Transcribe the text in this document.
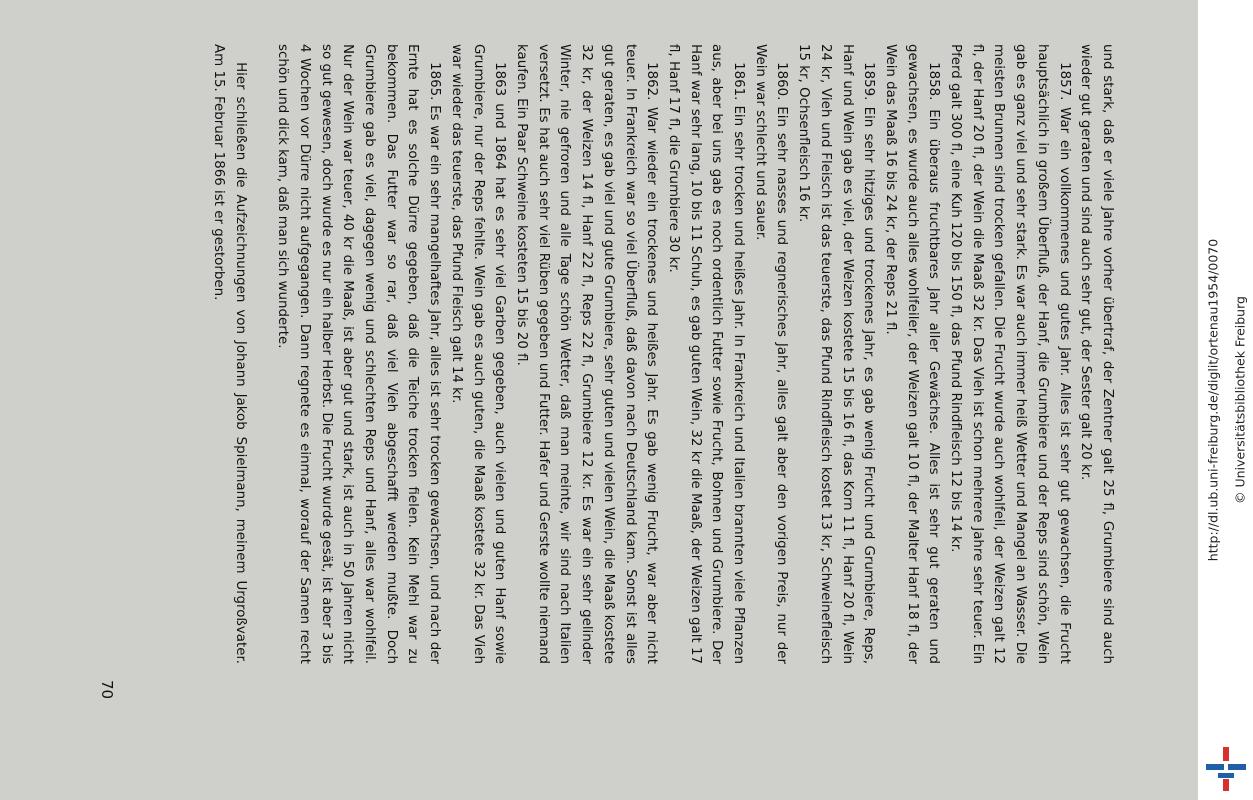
und stark, daß er viele Jahre vorher übertraf, der Zentner galt 25 fl, Grumbiere sind auch wieder gut geraten und sind auch sehr gut, der Sester galt 20 kr.

1857. War ein vollkommenes und gutes Jahr. Alles ist sehr gut gewachsen, die Frucht hauptsächlich in großem Überfluß, der Hanf, die Grumbiere und der Reps sind schön, Wein gab es ganz viel und sehr stark. Es war auch immer heiß Wetter und Mangel an Wasser. Die meisten Brunnen sind trocken gefallen. Die Frucht wurde auch wohlfeil, der Weizen galt 12 fl, der Hanf 20 fl, der Wein die Maaß 32 kr. Das Vieh ist schon mehrere Jahre sehr teuer. Ein Pferd galt 300 fl, eine Kuh 120 bis 150 fl, das Pfund Rindfleisch 12 bis 14 kr.

1858. Ein überaus fruchtbares Jahr aller Gewächse. Alles ist sehr gut geraten und gewachsen, es wurde auch alles wohlfeiler, der Weizen galt 10 fl, der Malter Hanf 18 fl, der Wein das Maaß 16 bis 24 kr, der Reps 21 fl.

1859. Ein sehr hitziges und trockenes Jahr, es gab wenig Frucht und Grumbiere, Reps, Hanf und Wein gab es viel, der Weizen kostete 15 bis 16 fl, das Korn 11 fl, Hanf 20 fl, Wein 24 kr, Vieh und Fleisch ist das teuerste, das Pfund Rindfleisch kostet 13 kr, Schweinefleisch 15 kr, Ochsenfleisch 16 kr.

1860. Ein sehr nasses und regnerisches Jahr, alles galt aber den vorigen Preis, nur der Wein war schlecht und sauer.

1861. Ein sehr trocken und heißes Jahr. In Frankreich und Italien brannten viele Pflanzen aus, aber bei uns gab es noch ordentlich Futter sowie Frucht, Bohnen und Grumbiere. Der Hanf war sehr lang, 10 bis 11 Schuh, es gab guten Wein, 32 kr die Maaß, der Weizen galt 17 fl, Hanf 17 fl, die Grumbiere 30 kr.

1862. War wieder ein trockenes und heißes Jahr. Es gab wenig Frucht, war aber nicht teuer. In Frankreich war so viel Überfluß, daß davon nach Deutschland kam. Sonst ist alles gut geraten, es gab viel und gute Grumbiere, sehr guten und vielen Wein, die Maaß kostete 32 kr, der Weizen 14 fl, Hanf 22 fl, Reps 22 fl, Grumbiere 12 kr. Es war ein sehr gelinder Winter, nie gefroren und alle Tage schön Wetter, daß man meinte, wir sind nach Italien versetzt. Es hat auch sehr viel Rüben gegeben und Futter. Hafer und Gerste wollte niemand kaufen. Ein Paar Schweine kosteten 15 bis 20 fl.

1863 und 1864 hat es sehr viel Garben gegeben, auch vielen und guten Hanf sowie Grumbiere, nur der Reps fehlte. Wein gab es auch guten, die Maaß kostete 32 kr. Das Vieh war wieder das teuerste, das Pfund Fleisch galt 14 kr.

1865. Es war ein sehr mangelhaftes Jahr, alles ist sehr trocken gewachsen, und nach der Ernte hat es solche Dürre gegeben, daß die Teiche trocken fielen. Kein Mehl war zu bekommen. Das Futter war so rar, daß viel Vieh abgeschafft werden mußte. Doch Grumbiere gab es viel, dagegen wenig und schlechten Reps und Hanf, alles war wohlfeil. Nur der Wein war teuer, 40 kr die Maaß, ist aber gut und stark, ist auch in 50 Jahren nicht so gut gewesen, doch wurde es nur ein halber Herbst. Die Frucht wurde gesät, ist aber 3 bis 4 Wochen vor Dürre nicht aufgegangen. Dann regnete es einmal, worauf der Samen recht schön und dick kam, daß man sich wunderte.

Hier schließen die Aufzeichnungen von Johann Jakob Spielmann, meinem Urgroßvater. Am 15. Februar 1866 ist er gestorben.

70
http://dl.ub.uni-freiburg.de/diglit/ortenau1954/0070 © Universitätsbibliothek Freiburg
